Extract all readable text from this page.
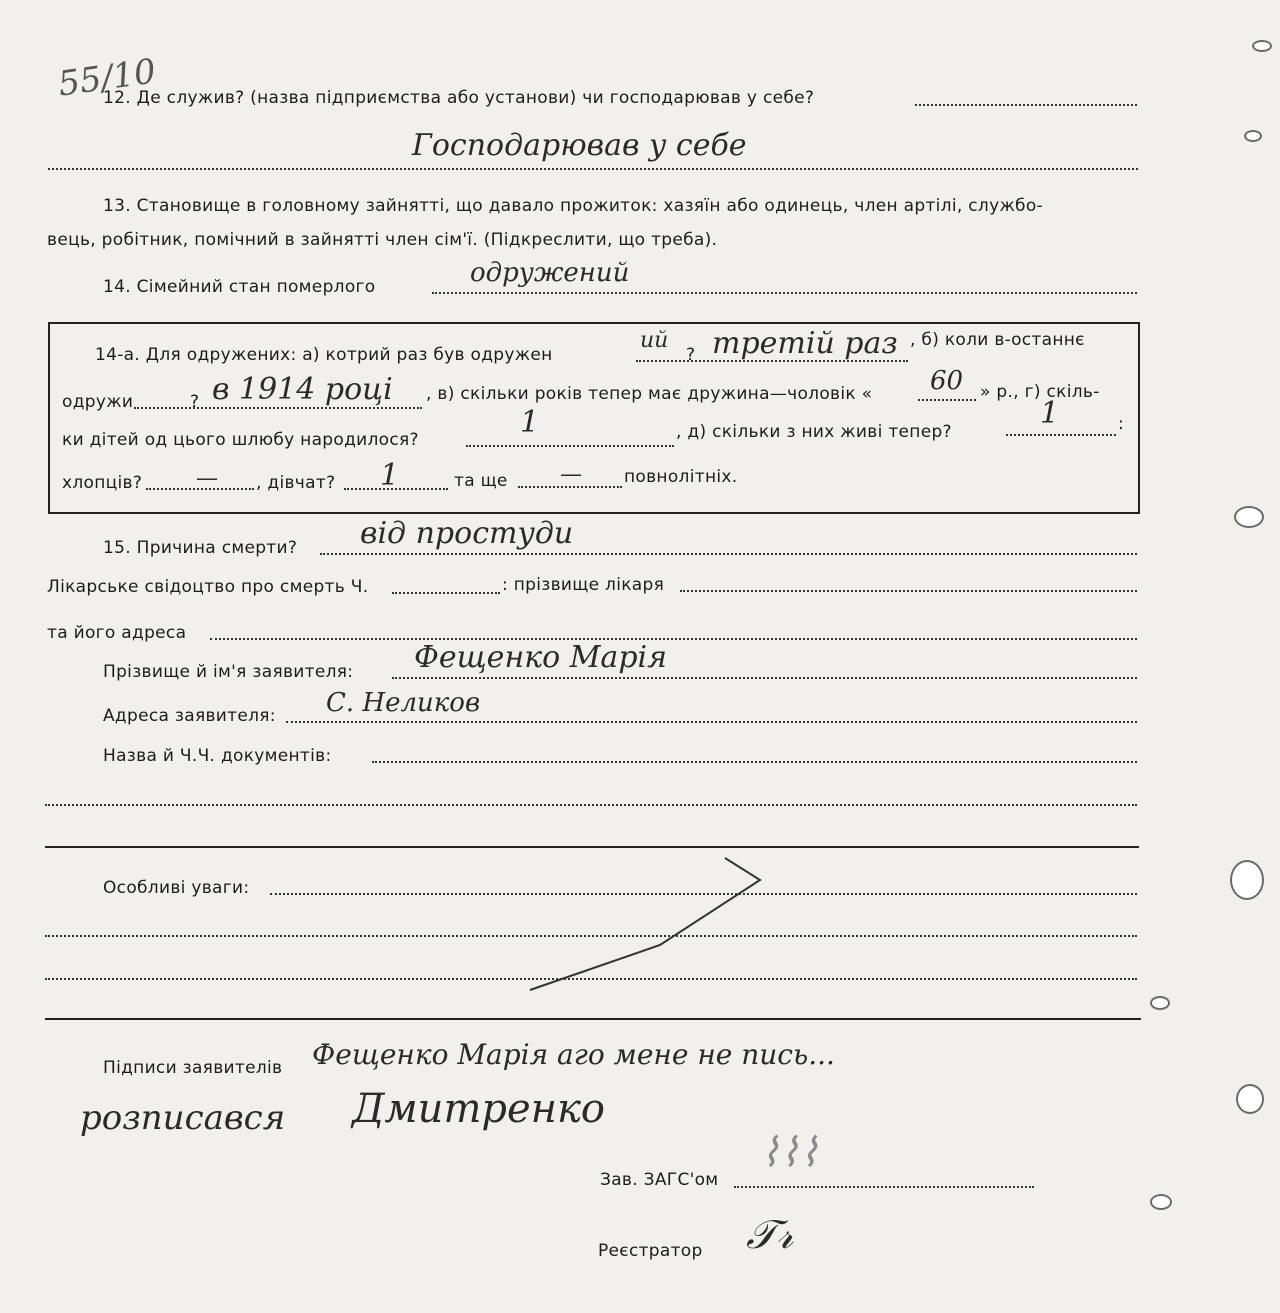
55/10
12. Де служив? (назва підприємства або установи) чи господарював у себе?
Господарював у себе
13. Становище в головному зайнятті, що давало прожиток: хазяїн або одинець, член артілі, службо-
вець, робітник, помічний в зайнятті член сім'ї. (Підкреслити, що треба).
14. Сімейний стан померлого	одружений
14-а. Для одружених: а) котрий раз був одружен
ий
? третій раз , б) коли в-останнє
одружи	? в 1914 році , в) скільки років тепер має дружина—чоловік « 60 » р., г) скіль-
ки дітей од цього шлюбу народилося?	1	, д) скільки з них живі тепер?
1	:
хлопців? — , дівчат? 1	та ще — повнолітніх.
15. Причина смерти? від простуди
Лікарське свідоцтво про смерть Ч.	: прізвище лікаря
та його адреса
Прізвище й ім'я заявителя: Фещенко Марія
Адреса заявителя: С. Неликов
Назва й Ч.Ч. документів:
Особливі уваги:
Підписи заявителів Фещенко Марія аго мене не пись...
розписався Дмитренко
Зав. ЗАГС'ом
⌇⌇⌇
Реєстратор 𝒯𝓇
